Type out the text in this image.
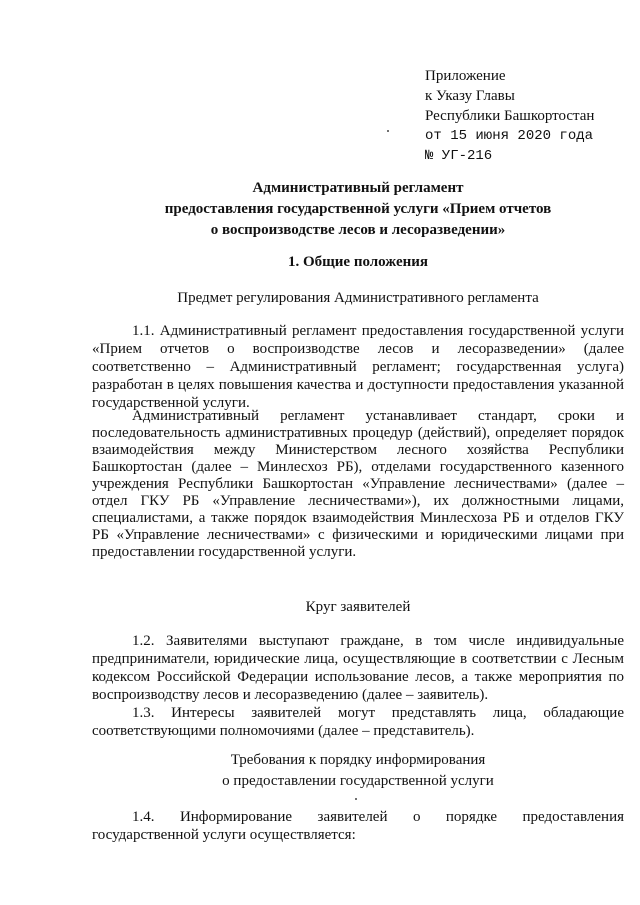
Приложение
к Указу Главы
Республики Башкортостан
от 15 июня 2020 года
№ УГ-216
Административный регламент
предоставления государственной услуги «Прием отчетов
о воспроизводстве лесов и лесоразведении»
1. Общие положения
Предмет регулирования Административного регламента
1.1. Административный регламент предоставления государственной услуги «Прием отчетов о воспроизводстве лесов и лесоразведении» (далее соответственно – Административный регламент; государственная услуга) разработан в целях повышения качества и доступности предоставления указанной государственной услуги.
Административный регламент устанавливает стандарт, сроки и последовательность административных процедур (действий), определяет порядок взаимодействия между Министерством лесного хозяйства Республики Башкортостан (далее – Минлесхоз РБ), отделами государственного казенного учреждения Республики Башкортостан «Управление лесничествами» (далее – отдел ГКУ РБ «Управление лесничествами»), их должностными лицами, специалистами, а также порядок взаимодействия Минлесхоза РБ и отделов ГКУ РБ «Управление лесничествами» с физическими и юридическими лицами при предоставлении государственной услуги.
Круг заявителей
1.2. Заявителями выступают граждане, в том числе индивидуальные предприниматели, юридические лица, осуществляющие в соответствии с Лесным кодексом Российской Федерации использование лесов, а также мероприятия по воспроизводству лесов и лесоразведению (далее – заявитель).
1.3. Интересы заявителей могут представлять лица, обладающие соответствующими полномочиями (далее – представитель).
Требования к порядку информирования
о предоставлении государственной услуги
1.4. Информирование заявителей о порядке предоставления государственной услуги осуществляется:
